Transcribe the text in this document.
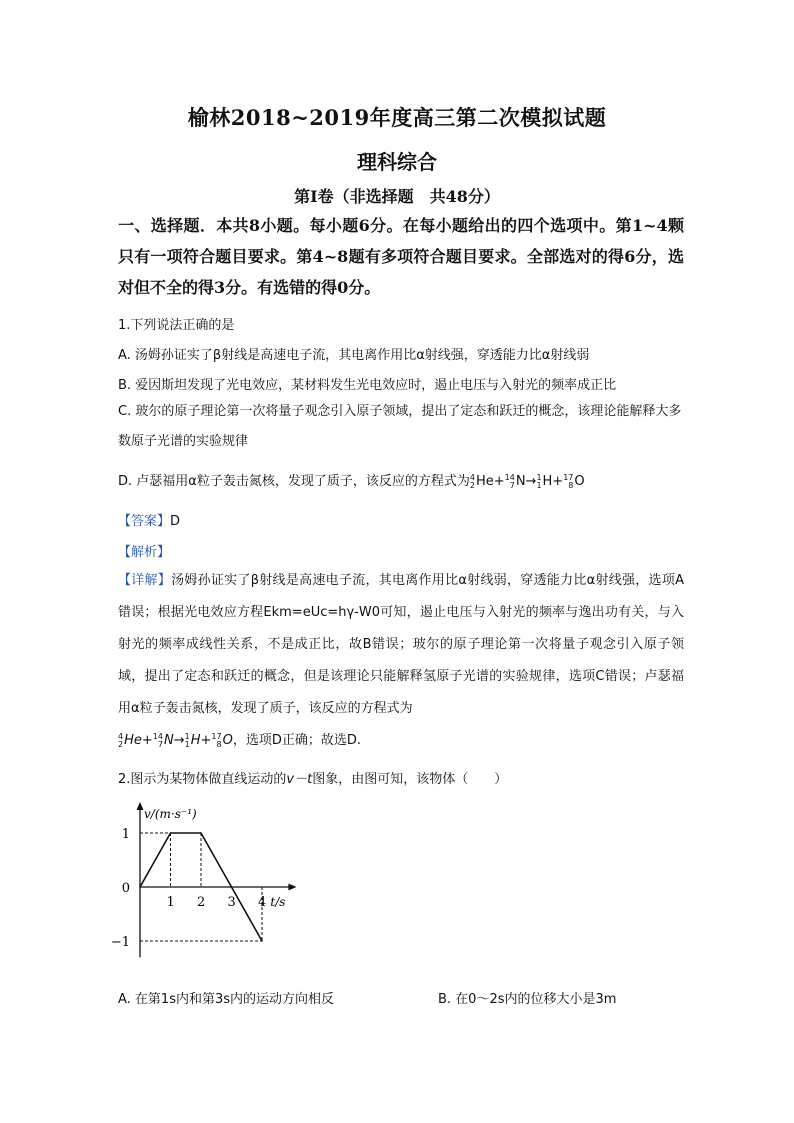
榆林2018~2019年度高三第二次模拟试题
理科综合
第I卷（非选择题　共48分）
一、选择题．本共8小题。每小题6分。在每小题给出的四个选项中。第1~4颗只有一项符合题目要求。第4~8题有多项符合题目要求。全部选对的得6分，选对但不全的得3分。有选错的得0分。
1.下列说法正确的是
A. 汤姆孙证实了β射线是高速电子流，其电离作用比α射线强，穿透能力比α射线弱
B. 爱因斯坦发现了光电效应，某材料发生光电效应时，遏止电压与入射光的频率成正比
C. 玻尔的原子理论第一次将量子观念引入原子领域，提出了定态和跃迁的概念，该理论能解释大多数原子光谱的实验规律
D. 卢瑟福用α粒子轰击氮核，发现了质子，该反应的方程式为 4
2 He+ 14
7 N→ 1
1 H+ 17
8 O
【答案】D
【解析】
【详解】汤姆孙证实了β射线是高速电子流，其电离作用比α射线弱，穿透能力比α射线强，选项A错误；根据光电效应方程Ekm=eUc=hγ-W0可知，遏止电压与入射光的频率与逸出功有关，与入射光的频率成线性关系，不是成正比，故B错误；玻尔的原子理论第一次将量子观念引入原子领域，提出了定态和跃迁的概念，但是该理论只能解释氢原子光谱的实验规律，选项C错误；卢瑟福用α粒子轰击氮核，发现了质子，该反应的方程式为

4
2 He+ 14
7 N→ 1
1 H+ 17
8 O，选项D正确；故选D.
2.图示为某物体做直线运动的v－t图象，由图可知，该物体（　　）
v/(m·s⁻¹)
t/s
1 2 3 4
1
0
−1
A. 在第1s内和第3s内的运动方向相反	B. 在0～2s内的位移大小是3m
